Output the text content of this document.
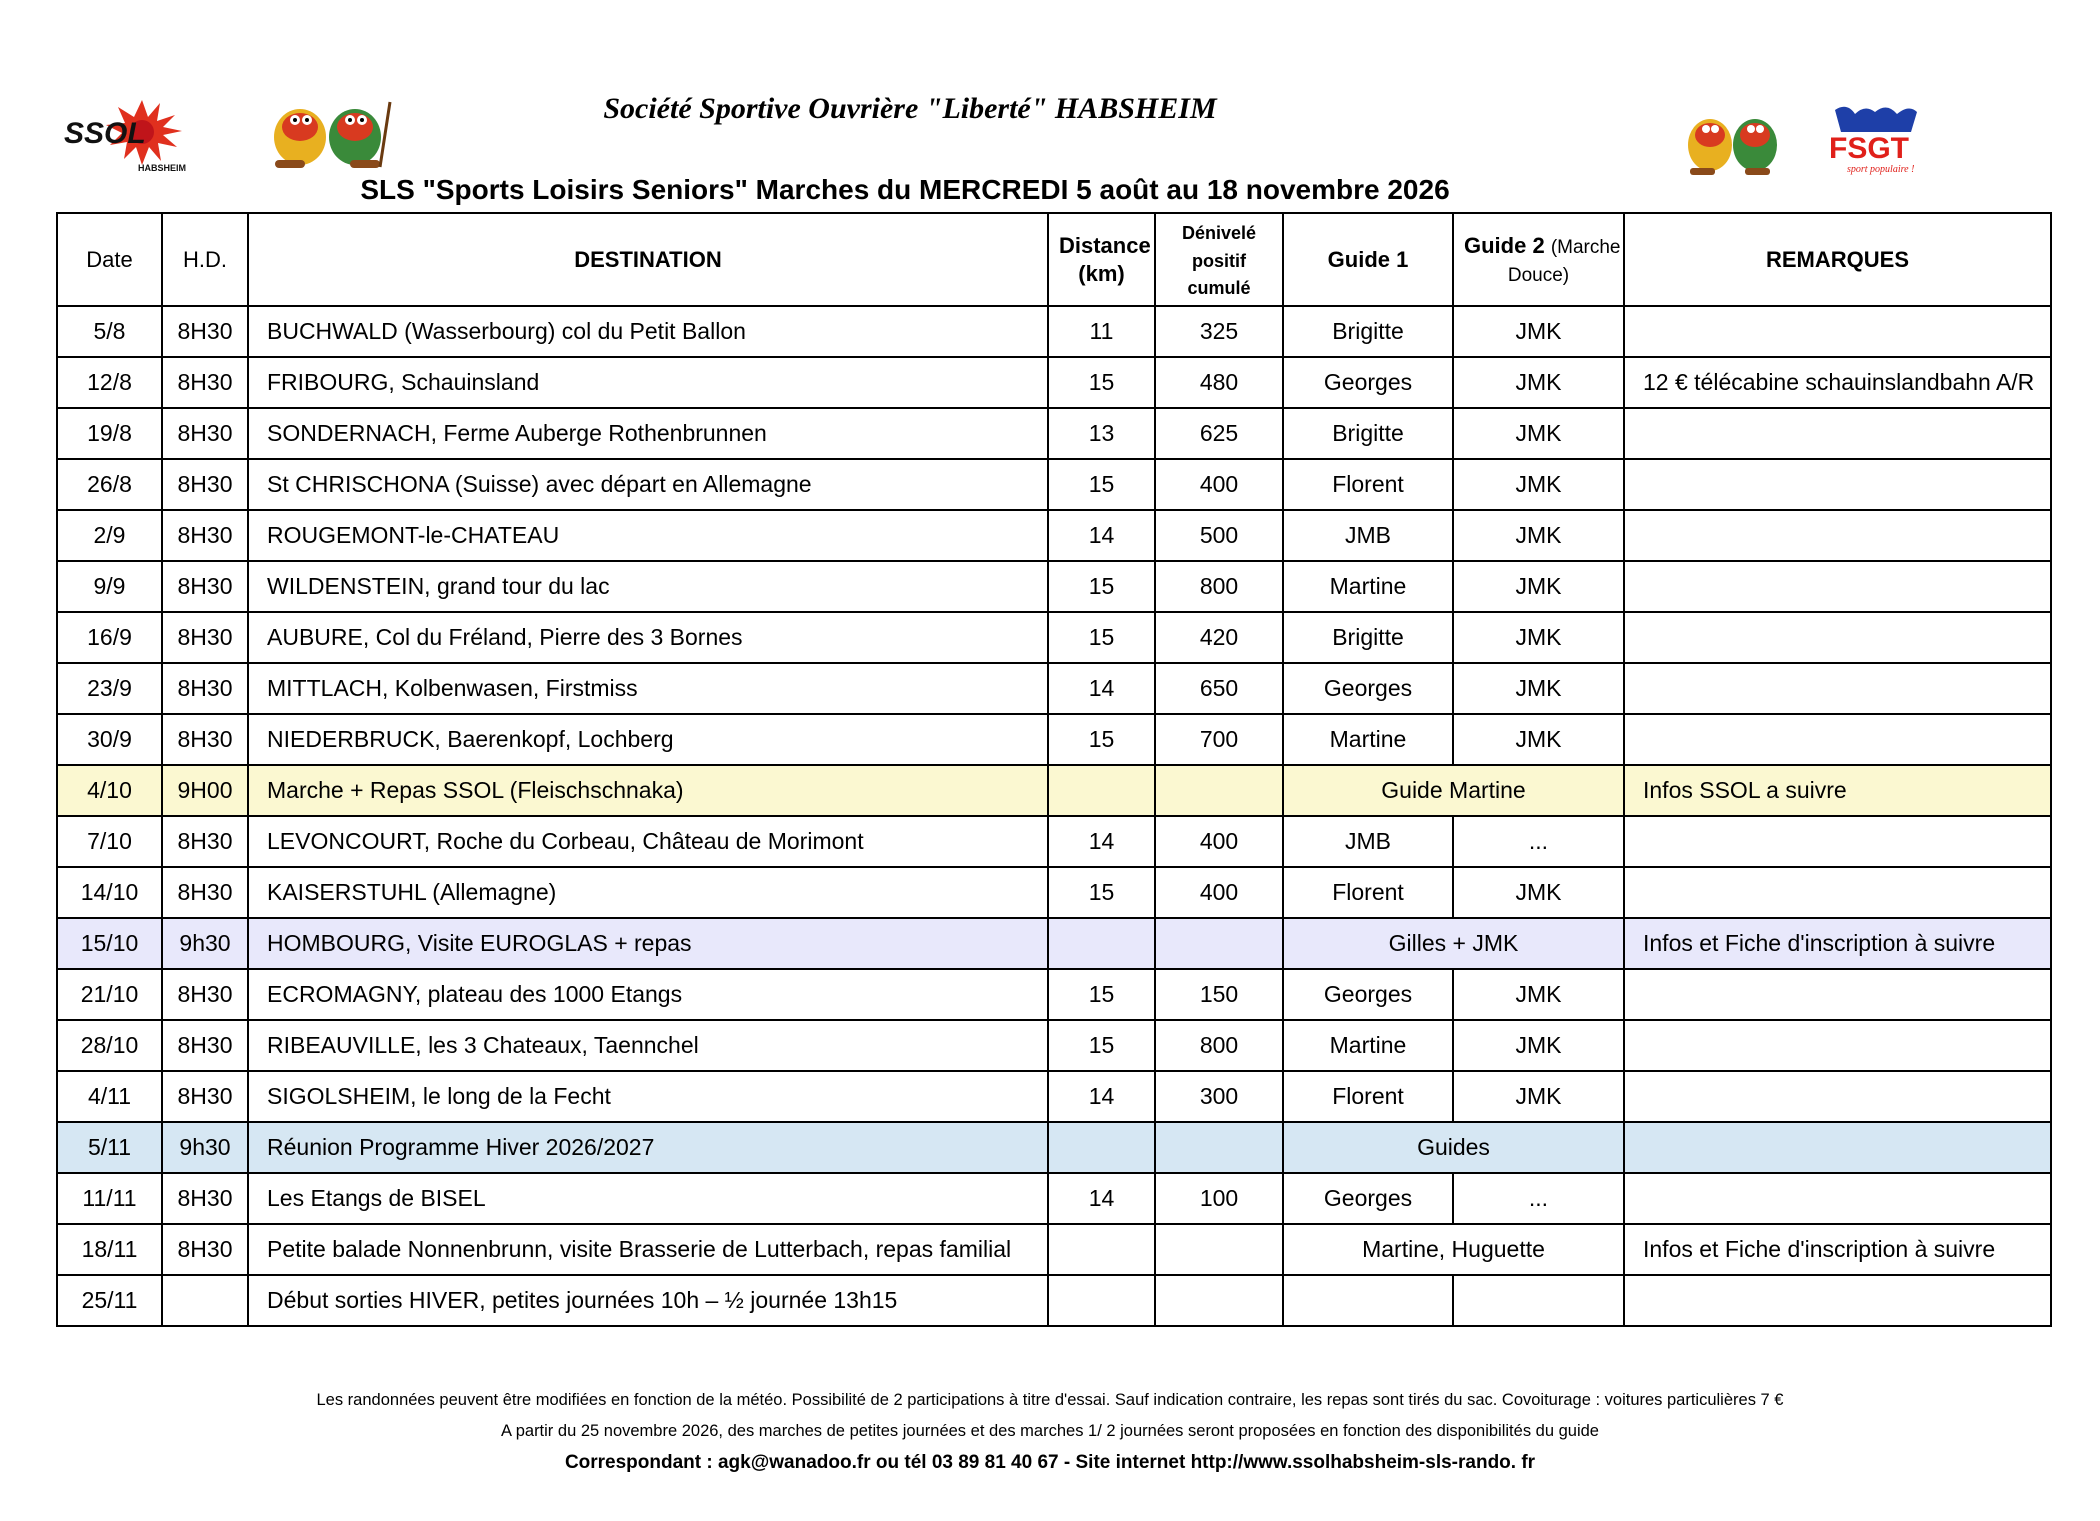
SSOL
HABSHEIM
FSGT
sport populaire !
Société Sportive Ouvrière "Liberté" HABSHEIM
SLS "Sports Loisirs Seniors" Marches du MERCREDI 5 août au 18 novembre 2026
Date	H.D.	DESTINATION	Distance
(km)	Dénivelé
positif
cumulé	Guide 1	Guide 2 (Marche
Douce)	REMARQUES
5/8	8H30	BUCHWALD (Wasserbourg) col du Petit Ballon	11	325	Brigitte	JMK	
12/8	8H30	FRIBOURG, Schauinsland	15	480	Georges	JMK	12 € télécabine schauinslandbahn A/R
19/8	8H30	SONDERNACH, Ferme Auberge Rothenbrunnen	13	625	Brigitte	JMK	
26/8	8H30	St CHRISCHONA (Suisse) avec départ en Allemagne	15	400	Florent	JMK	
2/9	8H30	ROUGEMONT-le-CHATEAU	14	500	JMB	JMK	
9/9	8H30	WILDENSTEIN, grand tour du lac	15	800	Martine	JMK	
16/9	8H30	AUBURE, Col du Fréland, Pierre des 3 Bornes	15	420	Brigitte	JMK	
23/9	8H30	MITTLACH, Kolbenwasen, Firstmiss	14	650	Georges	JMK	
30/9	8H30	NIEDERBRUCK, Baerenkopf, Lochberg	15	700	Martine	JMK	
4/10	9H00	Marche + Repas SSOL (Fleischschnaka)			Guide Martine		Infos SSOL a suivre
7/10	8H30	LEVONCOURT, Roche du Corbeau, Château de Morimont	14	400	JMB	...	
14/10	8H30	KAISERSTUHL (Allemagne)	15	400	Florent	JMK	
15/10	9h30	HOMBOURG, Visite EUROGLAS + repas			Gilles + JMK		Infos et Fiche d'inscription à suivre
21/10	8H30	ECROMAGNY, plateau des 1000 Etangs	15	150	Georges	JMK	
28/10	8H30	RIBEAUVILLE, les 3 Chateaux, Taennchel	15	800	Martine	JMK	
4/11	8H30	SIGOLSHEIM, le long de la Fecht	14	300	Florent	JMK	
5/11	9h30	Réunion Programme Hiver 2026/2027			Guides		
11/11	8H30	Les Etangs de BISEL	14	100	Georges	...	
18/11	8H30	Petite balade Nonnenbrunn, visite Brasserie de Lutterbach, repas familial			Martine, Huguette		Infos et Fiche d'inscription à suivre
25/11		Début sorties HIVER, petites journées 10h – ½ journée 13h15					
Les randonnées peuvent être modifiées en fonction de la météo. Possibilité de 2 participations à titre d'essai. Sauf indication contraire, les repas sont tirés du sac. Covoiturage : voitures particulières 7 €
A partir du 25 novembre 2026, des marches de petites journées et des marches 1/ 2 journées seront proposées en fonction des disponibilités du guide
Correspondant : agk@wanadoo.fr ou tél 03 89 81 40 67 - Site internet http://www.ssolhabsheim-sls-rando. fr
